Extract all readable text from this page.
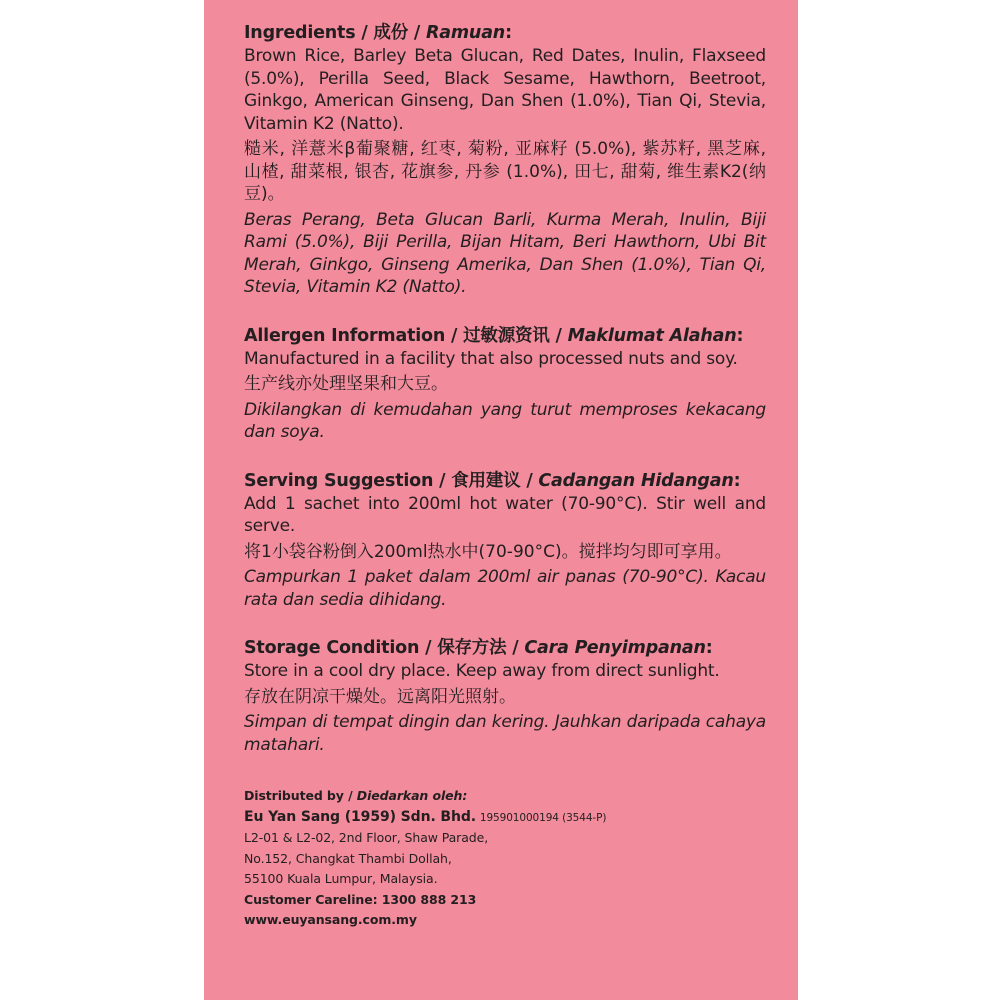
Ingredients / 成份 / Ramuan:
Brown Rice, Barley Beta Glucan, Red Dates, Inulin, Flaxseed (5.0%), Perilla Seed, Black Sesame, Hawthorn, Beetroot, Ginkgo, American Ginseng, Dan Shen (1.0%), Tian Qi, Stevia, Vitamin K2 (Natto).
糙米, 洋薏米β葡聚糖, 红枣, 菊粉, 亚麻籽 (5.0%), 紫苏籽, 黑芝麻, 山楂, 甜菜根, 银杏, 花旗参, 丹参 (1.0%), 田七, 甜菊, 维生素K2(纳豆)。
Beras Perang, Beta Glucan Barli, Kurma Merah, Inulin, Biji Rami (5.0%), Biji Perilla, Bijan Hitam, Beri Hawthorn, Ubi Bit Merah, Ginkgo, Ginseng Amerika, Dan Shen (1.0%), Tian Qi, Stevia, Vitamin K2 (Natto).
Allergen Information / 过敏源资讯 / Maklumat Alahan:
Manufactured in a facility that also processed nuts and soy.
生产线亦处理坚果和大豆。
Dikilangkan di kemudahan yang turut memproses kekacang dan soya.
Serving Suggestion / 食用建议 / Cadangan Hidangan:
Add 1 sachet into 200ml hot water (70-90°C). Stir well and serve.
将1小袋谷粉倒入200ml热水中(70-90°C)。搅拌均匀即可享用。
Campurkan 1 paket dalam 200ml air panas (70-90°C). Kacau rata dan sedia dihidang.
Storage Condition / 保存方法 / Cara Penyimpanan:
Store in a cool dry place. Keep away from direct sunlight.
存放在阴凉干燥处。远离阳光照射。
Simpan di tempat dingin dan kering. Jauhkan daripada cahaya matahari.
Distributed by / Diedarkan oleh:
Eu Yan Sang (1959) Sdn. Bhd. 195901000194 (3544-P)
L2-01 & L2-02, 2nd Floor, Shaw Parade,
No.152, Changkat Thambi Dollah,
55100 Kuala Lumpur, Malaysia.
Customer Careline: 1300 888 213
www.euyansang.com.my
